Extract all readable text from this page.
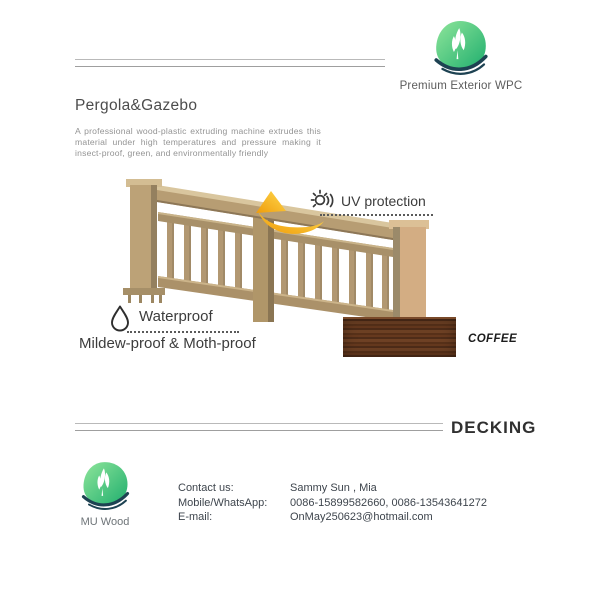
Premium Exterior WPC
Pergola&Gazebo
A professional wood-plastic extruding machine extrudes this material under high temperatures and pressure making it insect-proof, green, and environmentally friendly
UV protection
Waterproof
Mildew-proof & Moth-proof	COFFEE
DECKING
MU Wood
Contact us:	Sammy Sun , Mia
Mobile/WhatsApp:	0086-15899582660, 0086-13543641272
E-mail:	OnMay250623@hotmail.com
